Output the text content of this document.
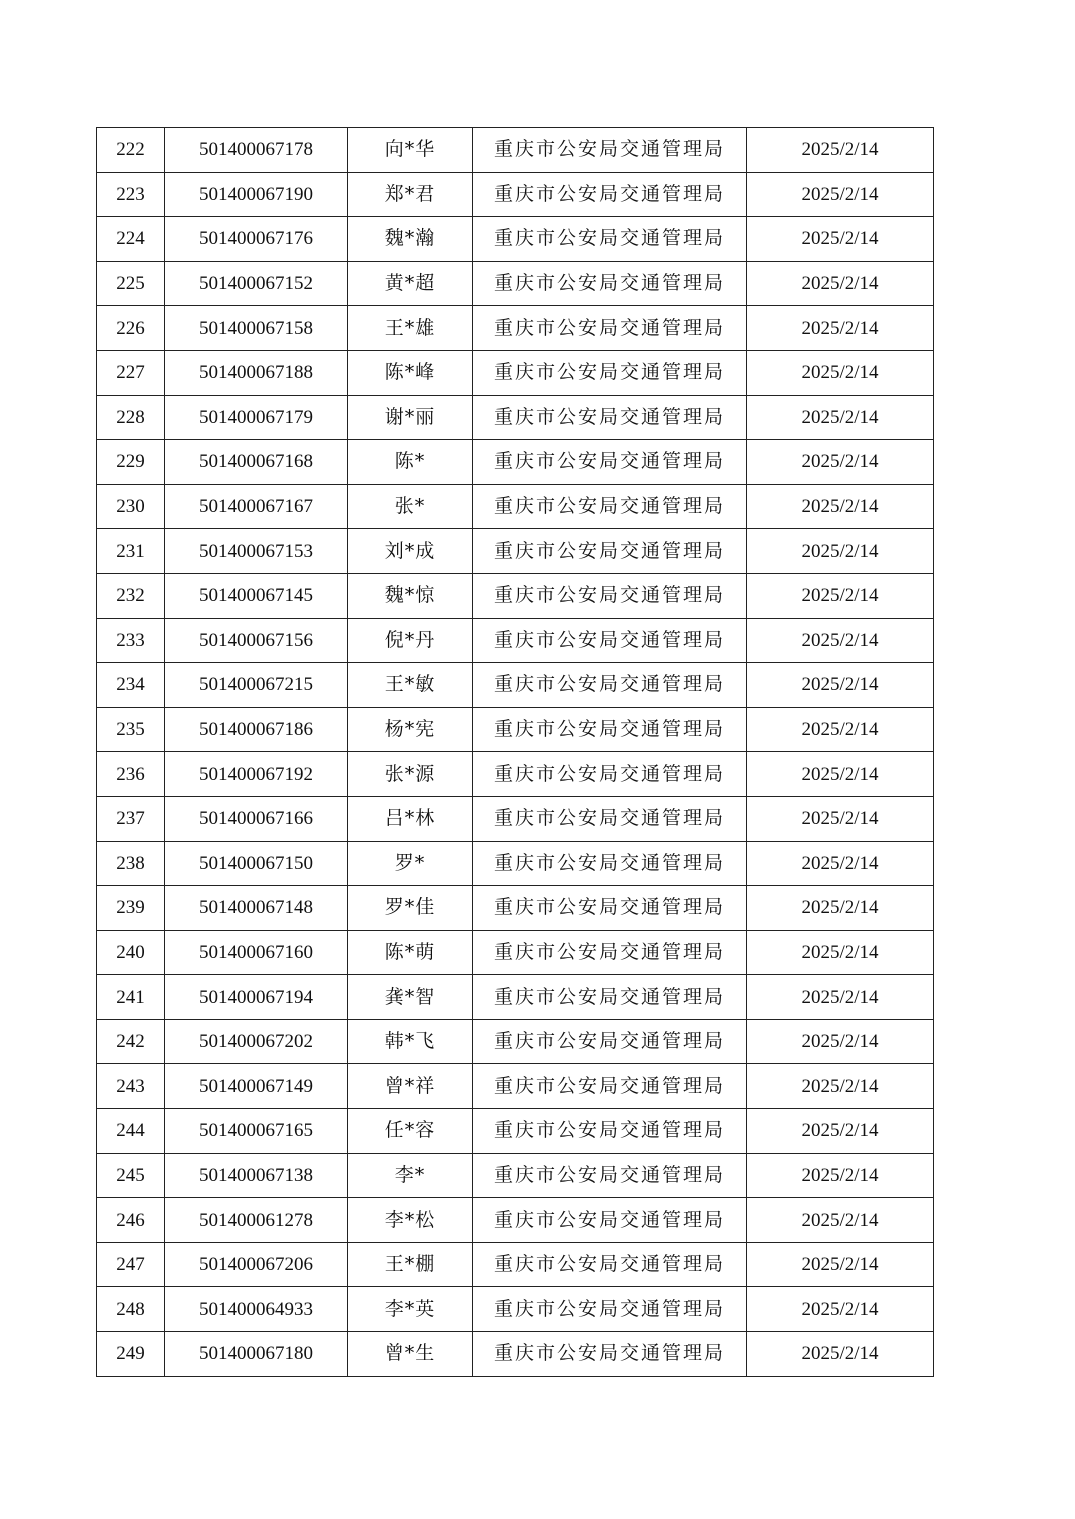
222	501400067178	向*华	重庆市公安局交通管理局	2025/2/14
223	501400067190	郑*君	重庆市公安局交通管理局	2025/2/14
224	501400067176	魏*瀚	重庆市公安局交通管理局	2025/2/14
225	501400067152	黄*超	重庆市公安局交通管理局	2025/2/14
226	501400067158	王*雄	重庆市公安局交通管理局	2025/2/14
227	501400067188	陈*峰	重庆市公安局交通管理局	2025/2/14
228	501400067179	谢*丽	重庆市公安局交通管理局	2025/2/14
229	501400067168	陈*	重庆市公安局交通管理局	2025/2/14
230	501400067167	张*	重庆市公安局交通管理局	2025/2/14
231	501400067153	刘*成	重庆市公安局交通管理局	2025/2/14
232	501400067145	魏*惊	重庆市公安局交通管理局	2025/2/14
233	501400067156	倪*丹	重庆市公安局交通管理局	2025/2/14
234	501400067215	王*敏	重庆市公安局交通管理局	2025/2/14
235	501400067186	杨*宪	重庆市公安局交通管理局	2025/2/14
236	501400067192	张*源	重庆市公安局交通管理局	2025/2/14
237	501400067166	吕*林	重庆市公安局交通管理局	2025/2/14
238	501400067150	罗*	重庆市公安局交通管理局	2025/2/14
239	501400067148	罗*佳	重庆市公安局交通管理局	2025/2/14
240	501400067160	陈*萌	重庆市公安局交通管理局	2025/2/14
241	501400067194	龚*智	重庆市公安局交通管理局	2025/2/14
242	501400067202	韩*飞	重庆市公安局交通管理局	2025/2/14
243	501400067149	曾*祥	重庆市公安局交通管理局	2025/2/14
244	501400067165	任*容	重庆市公安局交通管理局	2025/2/14
245	501400067138	李*	重庆市公安局交通管理局	2025/2/14
246	501400061278	李*松	重庆市公安局交通管理局	2025/2/14
247	501400067206	王*棚	重庆市公安局交通管理局	2025/2/14
248	501400064933	李*英	重庆市公安局交通管理局	2025/2/14
249	501400067180	曾*生	重庆市公安局交通管理局	2025/2/14
